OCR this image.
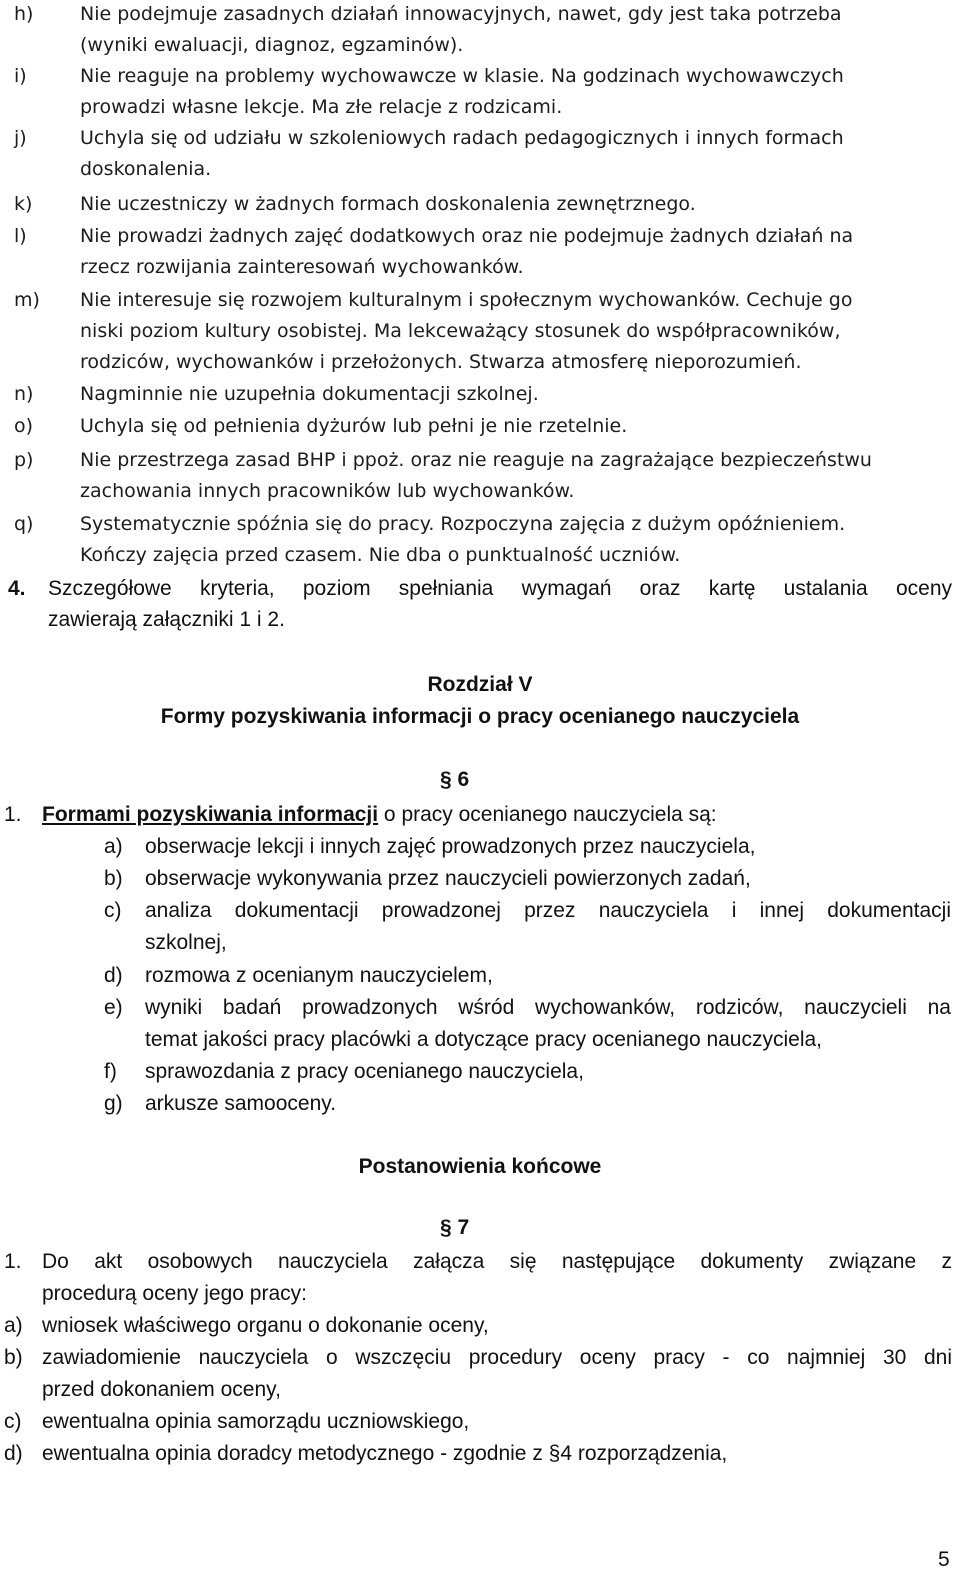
h) Nie podejmuje zasadnych działań innowacyjnych, nawet, gdy jest taka potrzeba
(wyniki ewaluacji, diagnoz, egzaminów).
i)	Nie reaguje na problemy wychowawcze w klasie. Na godzinach wychowawczych
prowadzi własne lekcje. Ma złe relacje z rodzicami.
j)	Uchyla się od udziału w szkoleniowych radach pedagogicznych i innych formach
doskonalenia.
k)	Nie uczestniczy w żadnych formach doskonalenia zewnętrznego.
l)	Nie prowadzi żadnych zajęć dodatkowych oraz nie podejmuje żadnych działań na
rzecz rozwijania zainteresowań wychowanków.
m) Nie interesuje się rozwojem kulturalnym i społecznym wychowanków. Cechuje go
niski poziom kultury osobistej. Ma lekceważący stosunek do współpracowników,
rodziców, wychowanków i przełożonych. Stwarza atmosferę nieporozumień.
n) Nagminnie nie uzupełnia dokumentacji szkolnej.
o) Uchyla się od pełnienia dyżurów lub pełni je nie rzetelnie.
p) Nie przestrzega zasad BHP i ppoż. oraz nie reaguje na zagrażające bezpieczeństwu
zachowania innych pracowników lub wychowanków.
q) Systematycznie spóźnia się do pracy. Rozpoczyna zajęcia z dużym opóźnieniem.
Kończy zajęcia przed czasem. Nie dba o punktualność uczniów.
4. Szczegółowe kryteria, poziom spełniania wymagań oraz kartę ustalania oceny
zawierają załączniki 1 i 2.
Rozdział V
Formy pozyskiwania informacji o pracy ocenianego nauczyciela
§ 6
1. Formami pozyskiwania informacji o pracy ocenianego nauczyciela są:
a) obserwacje lekcji i innych zajęć prowadzonych przez nauczyciela,
b) obserwacje wykonywania przez nauczycieli powierzonych zadań,
c) analiza dokumentacji prowadzonej przez nauczyciela i innej dokumentacji
szkolnej,
d) rozmowa z ocenianym nauczycielem,
e) wyniki badań prowadzonych wśród wychowanków, rodziców, nauczycieli na
temat jakości pracy placówki a dotyczące pracy ocenianego nauczyciela,
f) sprawozdania z pracy ocenianego nauczyciela,
g) arkusze samooceny.
Postanowienia końcowe
§ 7
1. Do akt osobowych nauczyciela załącza się następujące dokumenty związane z
procedurą oceny jego pracy:
a) wniosek właściwego organu o dokonanie oceny,
b) zawiadomienie nauczyciela o wszczęciu procedury oceny pracy - co najmniej 30 dni
przed dokonaniem oceny,
c) ewentualna opinia samorządu uczniowskiego,
d) ewentualna opinia doradcy metodycznego - zgodnie z §4 rozporządzenia,
5
